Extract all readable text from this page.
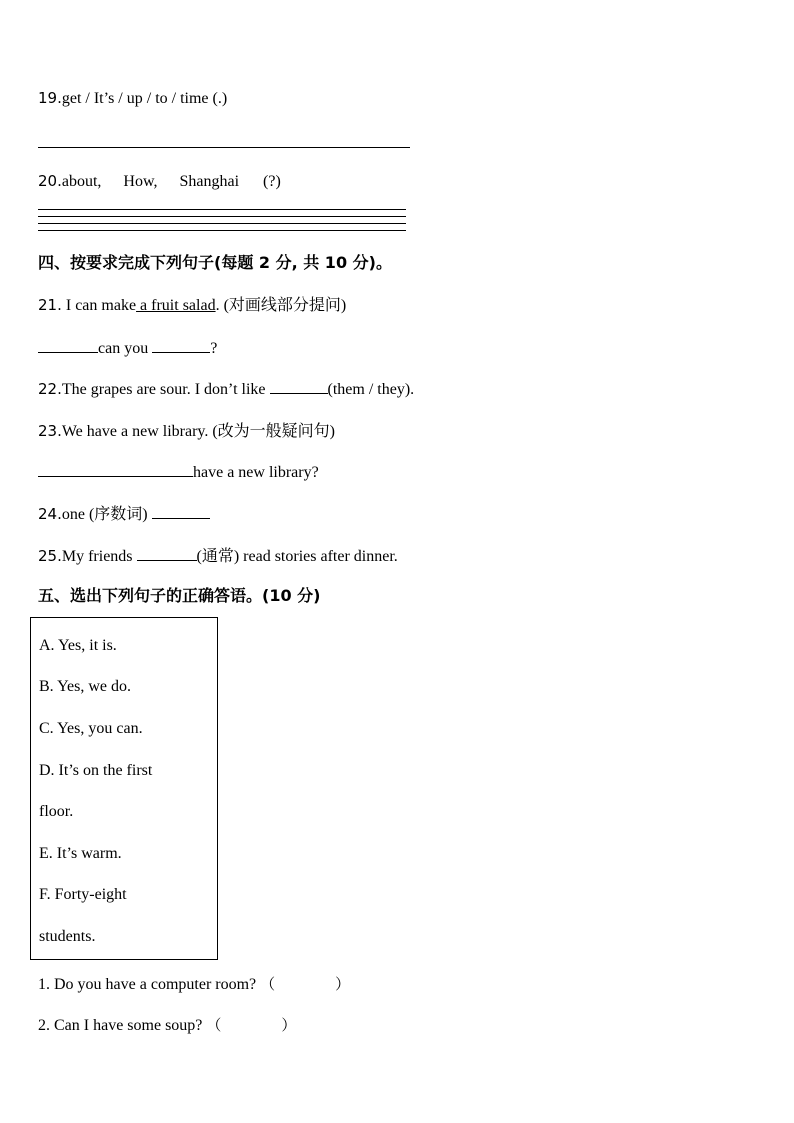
19.get / It’s / up / to / time (.)
20.about, How, Shanghai (?)
四、按要求完成下列句子(每题 2 分, 共 10 分)。
21. I can make a fruit salad. (对画线部分提问)
can you	?
22.The grapes are sour. I don’t like	(them / they).
23.We have a new library. (改为一般疑问句)
have a new library?
24.one (序数词)
25.My friends	(通常) read stories after dinner.
五、选出下列句子的正确答语。(10 分)
A. Yes, it is.
B. Yes, we do.
C. Yes, you can.
D. It’s on the first
floor.
E. It’s warm.
F. Forty-eight
students.
1. Do you have a computer room? （	）
2. Can I have some soup? （	）
